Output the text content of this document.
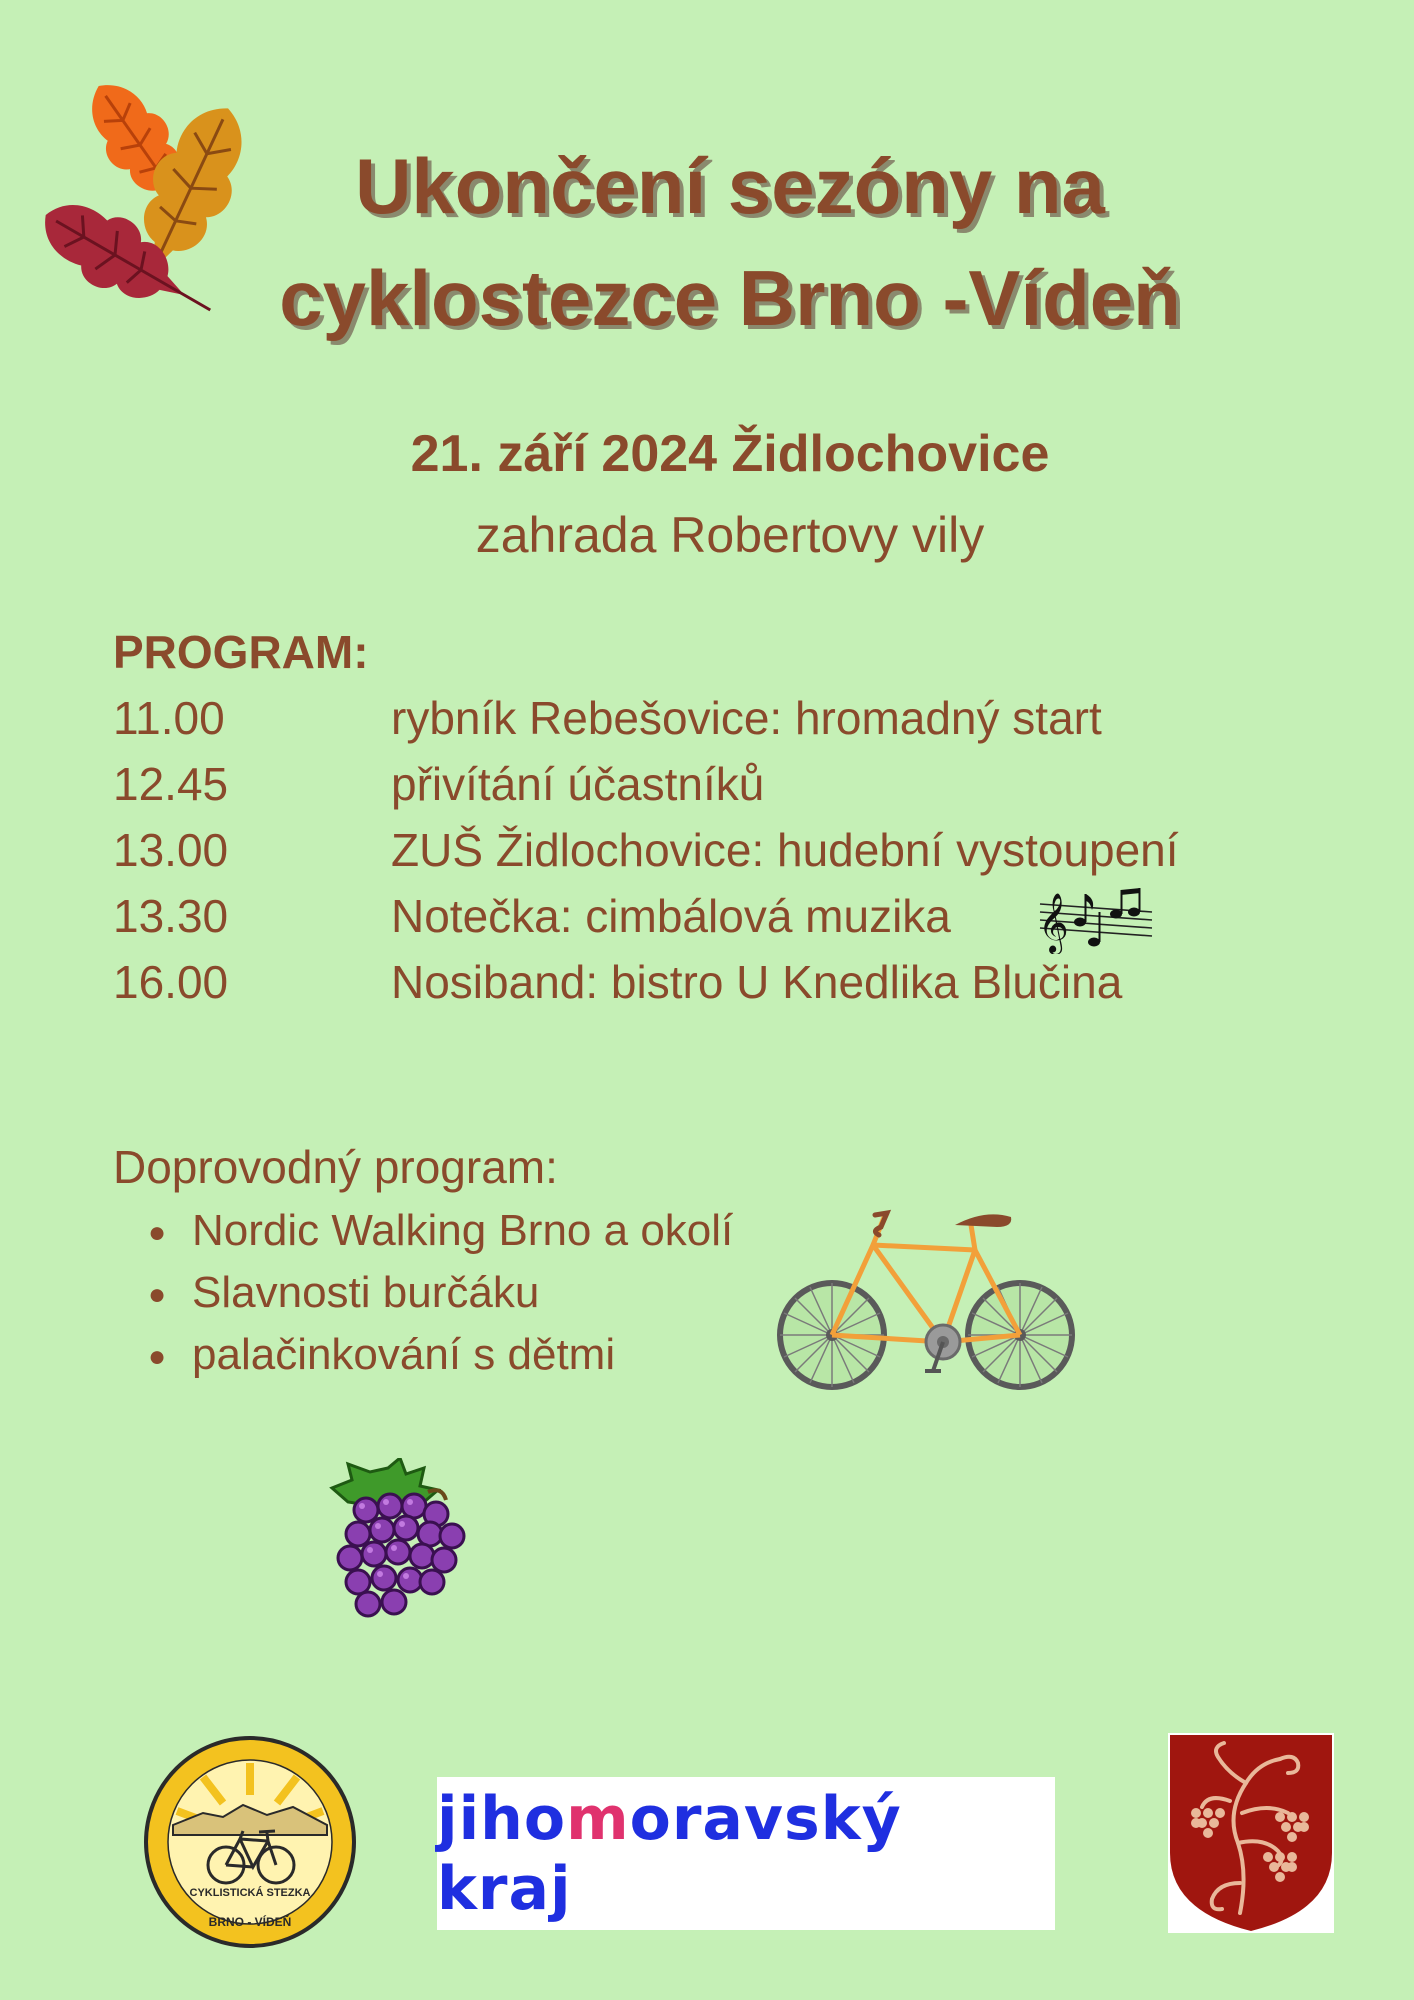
Ukončení sezóny na
cyklostezce Brno -Vídeň
21. září 2024 Židlochovice
zahrada Robertovy vily
PROGRAM:
11.00	rybník Rebešovice: hromadný start
12.45	přivítání účastníků
13.00	ZUŠ Židlochovice: hudební vystoupení
13.30	Notečka: cimbálová muzika
16.00	Nosiband: bistro U Knedlika Blučina
𝄞
Doprovodný program:
● Nordic Walking Brno a okolí
● Slavnosti burčáku
● palačinkování s dětmi
CYKLISTICKÁ STEZKA
BRNO - VÍDEŇ
jihomoravský kraj
